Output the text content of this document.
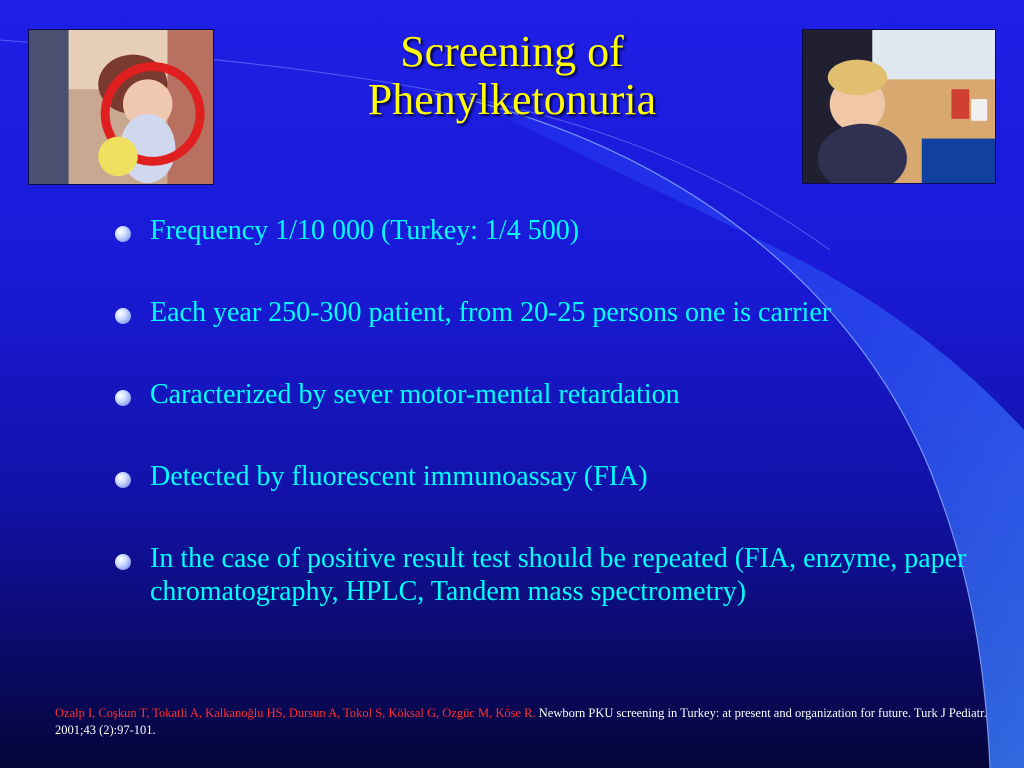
Screening of
Phenylketonuria
Frequency 1/10 000 (Turkey: 1/4 500)
Each year 250-300 patient, from 20-25 persons one is carrier
Caracterized by sever motor-mental retardation
Detected by fluorescent immunoassay (FIA)
In the case of positive result test should be repeated (FIA, enzyme, paper chromatography, HPLC, Tandem mass spectrometry)
Ozalp I, Coşkun T, Tokatli A, Kalkanoğlu HS, Dursun A, Tokol S, Köksal G, Ozgüc M, Köse R. Newborn PKU screening in Turkey: at present and organization for future. Turk J Pediatr. 2001;43 (2):97-101.
